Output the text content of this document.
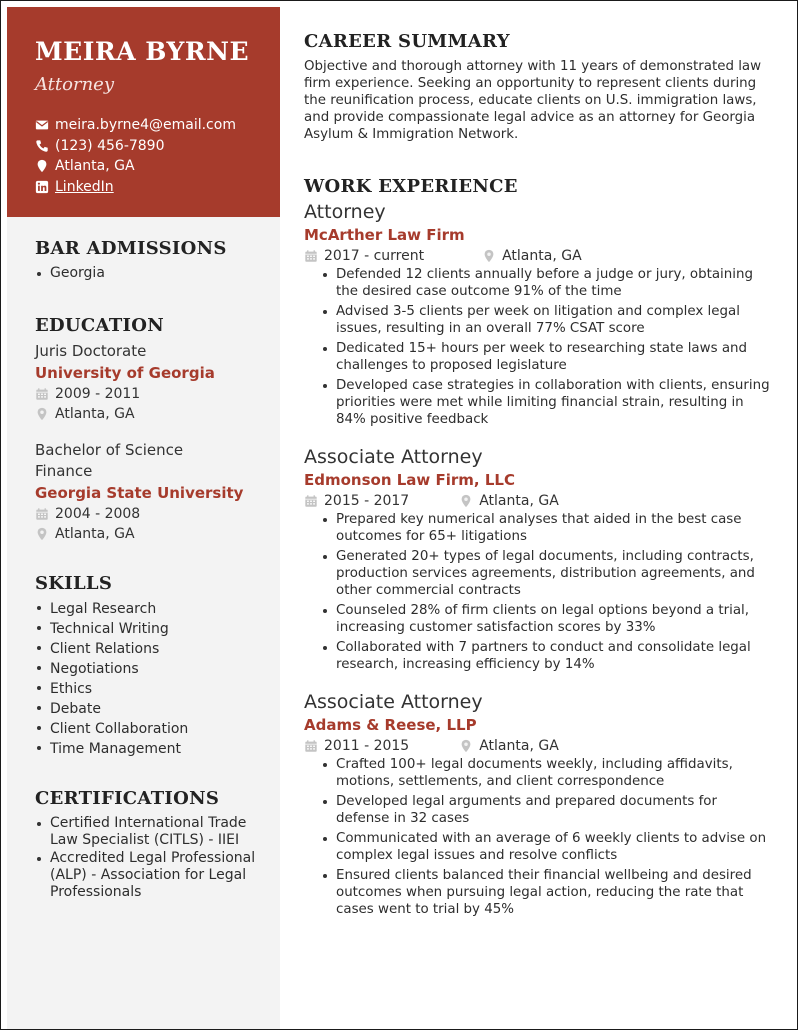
MEIRA BYRNE
Attorney
meira.byrne4@email.com
(123) 456-7890
Atlanta, GA
LinkedIn
BAR ADMISSIONS
Georgia
EDUCATION
Juris Doctorate
University of Georgia
2009 - 2011
Atlanta, GA
Bachelor of Science
Finance
Georgia State University
2004 - 2008
Atlanta, GA
SKILLS
Legal Research
Technical Writing
Client Relations
Negotiations
Ethics
Debate
Client Collaboration
Time Management
CERTIFICATIONS
Certified International Trade Law Specialist (CITLS) - IIEI
Accredited Legal Professional (ALP) - Association for Legal Professionals
CAREER SUMMARY
Objective and thorough attorney with 11 years of demonstrated law firm experience. Seeking an opportunity to represent clients during the reunification process, educate clients on U.S. immigration laws, and provide compassionate legal advice as an attorney for Georgia Asylum & Immigration Network.
WORK EXPERIENCE
Attorney
McArther Law Firm
2017 - current	Atlanta, GA
Defended 12 clients annually before a judge or jury, obtaining the desired case outcome 91% of the time
Advised 3-5 clients per week on litigation and complex legal issues, resulting in an overall 77% CSAT score
Dedicated 15+ hours per week to researching state laws and challenges to proposed legislature
Developed case strategies in collaboration with clients, ensuring priorities were met while limiting financial strain, resulting in 84% positive feedback
Associate Attorney
Edmonson Law Firm, LLC
2015 - 2017	Atlanta, GA
Prepared key numerical analyses that aided in the best case outcomes for 65+ litigations
Generated 20+ types of legal documents, including contracts, production services agreements, distribution agreements, and other commercial contracts
Counseled 28% of firm clients on legal options beyond a trial, increasing customer satisfaction scores by 33%
Collaborated with 7 partners to conduct and consolidate legal research, increasing efficiency by 14%
Associate Attorney
Adams & Reese, LLP
2011 - 2015	Atlanta, GA
Crafted 100+ legal documents weekly, including affidavits, motions, settlements, and client correspondence
Developed legal arguments and prepared documents for defense in 32 cases
Communicated with an average of 6 weekly clients to advise on complex legal issues and resolve conflicts
Ensured clients balanced their financial wellbeing and desired outcomes when pursuing legal action, reducing the rate that cases went to trial by 45%
